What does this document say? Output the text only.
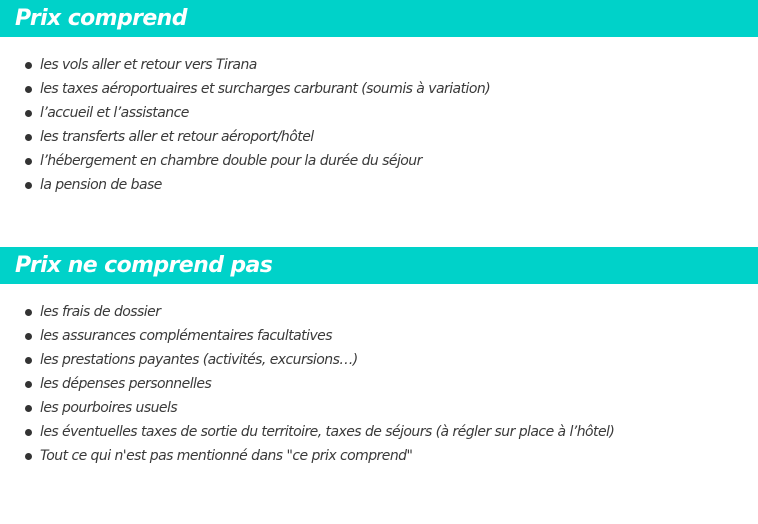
Prix comprend
les vols aller et retour vers Tirana
les taxes aéroportuaires et surcharges carburant (soumis à variation)
l’accueil et l’assistance
les transferts aller et retour aéroport/hôtel
l’hébergement en chambre double pour la durée du séjour
la pension de base
Prix ne comprend pas
les frais de dossier
les assurances complémentaires facultatives
les prestations payantes (activités, excursions…)
les dépenses personnelles
les pourboires usuels
les éventuelles taxes de sortie du territoire, taxes de séjours (à régler sur place à l’hôtel)
Tout ce qui n'est pas mentionné dans "ce prix comprend"
